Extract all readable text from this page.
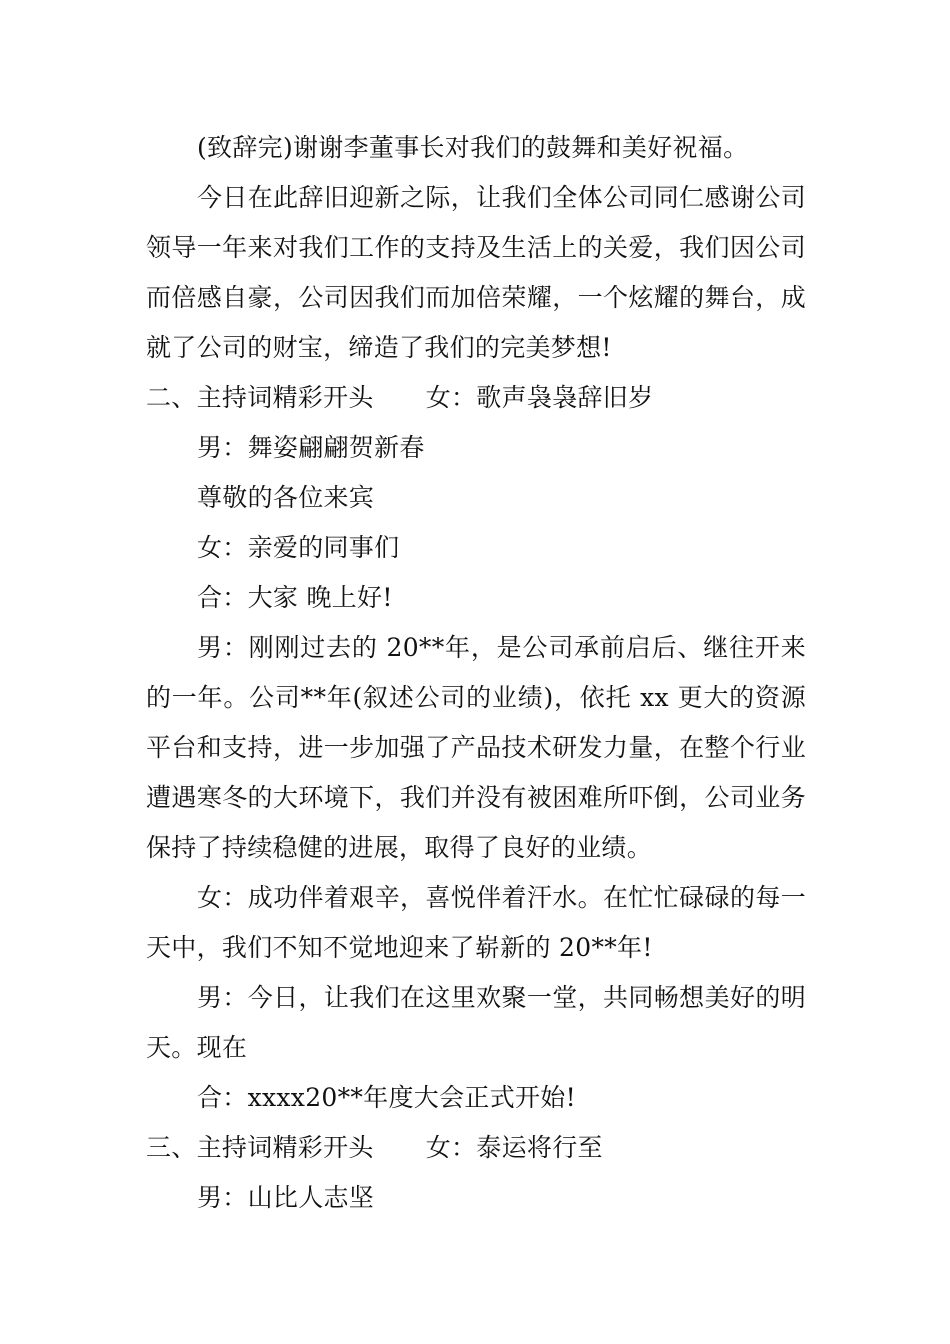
(致辞完)谢谢李董事长对我们的鼓舞和美好祝福。

今日在此辞旧迎新之际，让我们全体公司同仁感谢公司领导一年来对我们工作的支持及生活上的关爱，我们因公司而倍感自豪，公司因我们而加倍荣耀，一个炫耀的舞台，成就了公司的财宝，缔造了我们的完美梦想!

二、主持词精彩开头 女：歌声袅袅辞旧岁

男：舞姿翩翩贺新春

尊敬的各位来宾

女：亲爱的同事们

合：大家 晚上好!

男：刚刚过去的 20**年，是公司承前启后、继往开来的一年。公司**年(叙述公司的业绩)，依托 xx 更大的资源平台和支持，进一步加强了产品技术研发力量，在整个行业遭遇寒冬的大环境下，我们并没有被困难所吓倒，公司业务保持了持续稳健的进展，取得了良好的业绩。

女：成功伴着艰辛，喜悦伴着汗水。在忙忙碌碌的每一天中，我们不知不觉地迎来了崭新的 20**年!

男：今日，让我们在这里欢聚一堂，共同畅想美好的明天。现在

合：xxxx20**年度大会正式开始!

三、主持词精彩开头 女：泰运将行至

男：山比人志坚
